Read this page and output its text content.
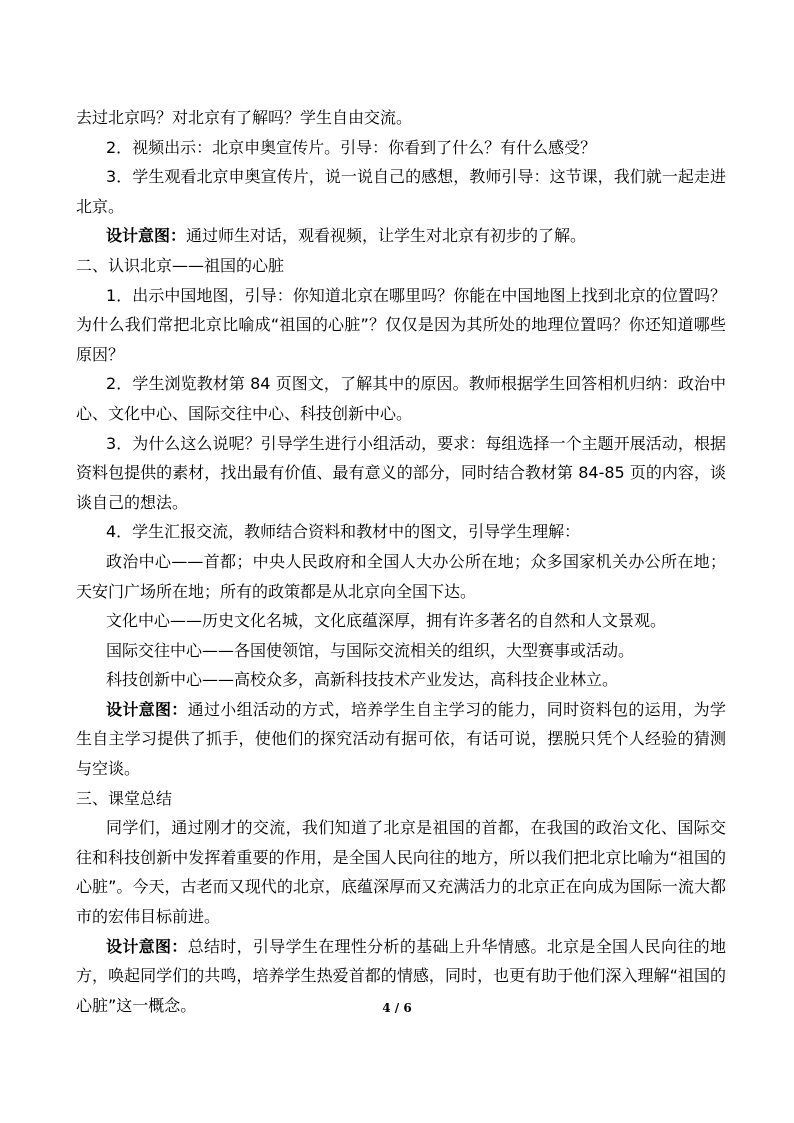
去过北京吗？对北京有了解吗？学生自由交流。

2．视频出示：北京申奥宣传片。引导：你看到了什么？有什么感受？

3．学生观看北京申奥宣传片，说一说自己的感想，教师引导：这节课，我们就一起走进北京。

设计意图：通过师生对话，观看视频，让学生对北京有初步的了解。

二、认识北京——祖国的心脏

1．出示中国地图，引导：你知道北京在哪里吗？你能在中国地图上找到北京的位置吗？为什么我们常把北京比喻成“祖国的心脏”？仅仅是因为其所处的地理位置吗？你还知道哪些原因？

2．学生浏览教材第 84 页图文，了解其中的原因。教师根据学生回答相机归纳：政治中心、文化中心、国际交往中心、科技创新中心。

3．为什么这么说呢？引导学生进行小组活动，要求：每组选择一个主题开展活动，根据资料包提供的素材，找出最有价值、最有意义的部分，同时结合教材第 84-85 页的内容，谈谈自己的想法。

4．学生汇报交流，教师结合资料和教材中的图文，引导学生理解：

政治中心——首都；中央人民政府和全国人大办公所在地；众多国家机关办公所在地；天安门广场所在地；所有的政策都是从北京向全国下达。

文化中心——历史文化名城，文化底蕴深厚，拥有许多著名的自然和人文景观。

国际交往中心——各国使领馆，与国际交流相关的组织，大型赛事或活动。

科技创新中心——高校众多，高新科技技术产业发达，高科技企业林立。

设计意图：通过小组活动的方式，培养学生自主学习的能力，同时资料包的运用，为学生自主学习提供了抓手，使他们的探究活动有据可依，有话可说，摆脱只凭个人经验的猜测与空谈。

三、课堂总结

同学们，通过刚才的交流，我们知道了北京是祖国的首都，在我国的政治文化、国际交往和科技创新中发挥着重要的作用，是全国人民向往的地方，所以我们把北京比喻为“祖国的心脏”。今天，古老而又现代的北京，底蕴深厚而又充满活力的北京正在向成为国际一流大都市的宏伟目标前进。

设计意图：总结时，引导学生在理性分析的基础上升华情感。北京是全国人民向往的地方，唤起同学们的共鸣，培养学生热爱首都的情感，同时，也更有助于他们深入理解“祖国的心脏”这一概念。	4 / 6
